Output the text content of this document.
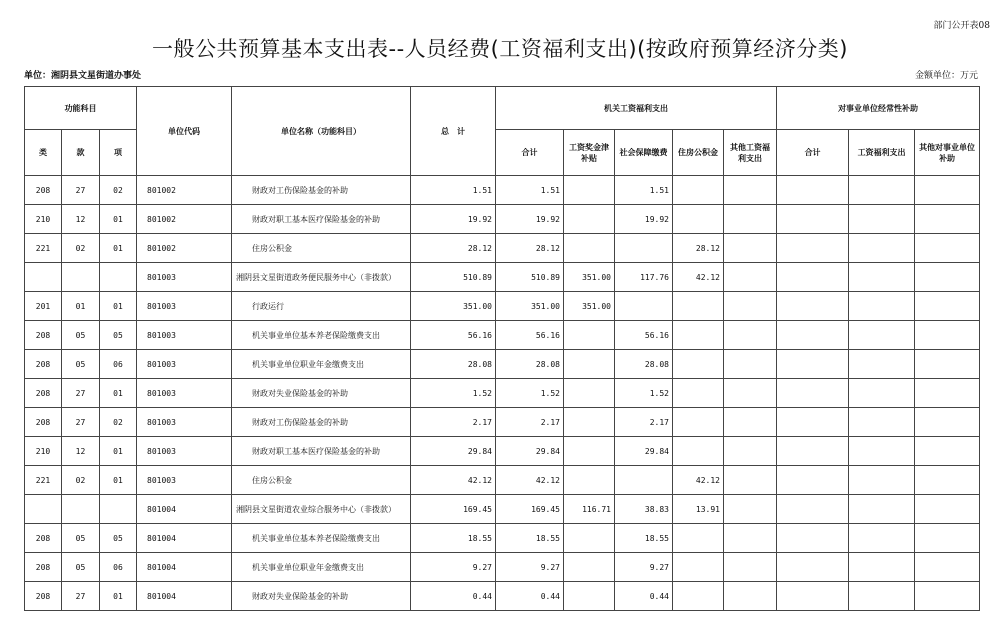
部门公开表08
一般公共预算基本支出表--人员经费(工资福利支出)(按政府预算经济分类)
单位：湘阴县文星街道办事处	金额单位：万元
功能科目			单位代码	单位名称（功能科目）	总　计	机关工资福利支出					对事业单位经常性补助		
类	款	项				合计	工资奖金津补贴	社会保障缴费	住房公积金	其他工资福利支出	合计	工资福利支出	其他对事业单位补助
208	27	02	801002	财政对工伤保险基金的补助	1.51	1.51		1.51					
210	12	01	801002	财政对职工基本医疗保险基金的补助	19.92	19.92		19.92					
221	02	01	801002	住房公积金	28.12	28.12			28.12				
			801003	湘阴县文星街道政务便民服务中心（非拨款）	510.89	510.89	351.00	117.76	42.12				
201	01	01	801003	行政运行	351.00	351.00	351.00						
208	05	05	801003	机关事业单位基本养老保险缴费支出	56.16	56.16		56.16					
208	05	06	801003	机关事业单位职业年金缴费支出	28.08	28.08		28.08					
208	27	01	801003	财政对失业保险基金的补助	1.52	1.52		1.52					
208	27	02	801003	财政对工伤保险基金的补助	2.17	2.17		2.17					
210	12	01	801003	财政对职工基本医疗保险基金的补助	29.84	29.84		29.84					
221	02	01	801003	住房公积金	42.12	42.12			42.12				
			801004	湘阴县文星街道农业综合服务中心（非拨款）	169.45	169.45	116.71	38.83	13.91				
208	05	05	801004	机关事业单位基本养老保险缴费支出	18.55	18.55		18.55					
208	05	06	801004	机关事业单位职业年金缴费支出	9.27	9.27		9.27					
208	27	01	801004	财政对失业保险基金的补助	0.44	0.44		0.44					
